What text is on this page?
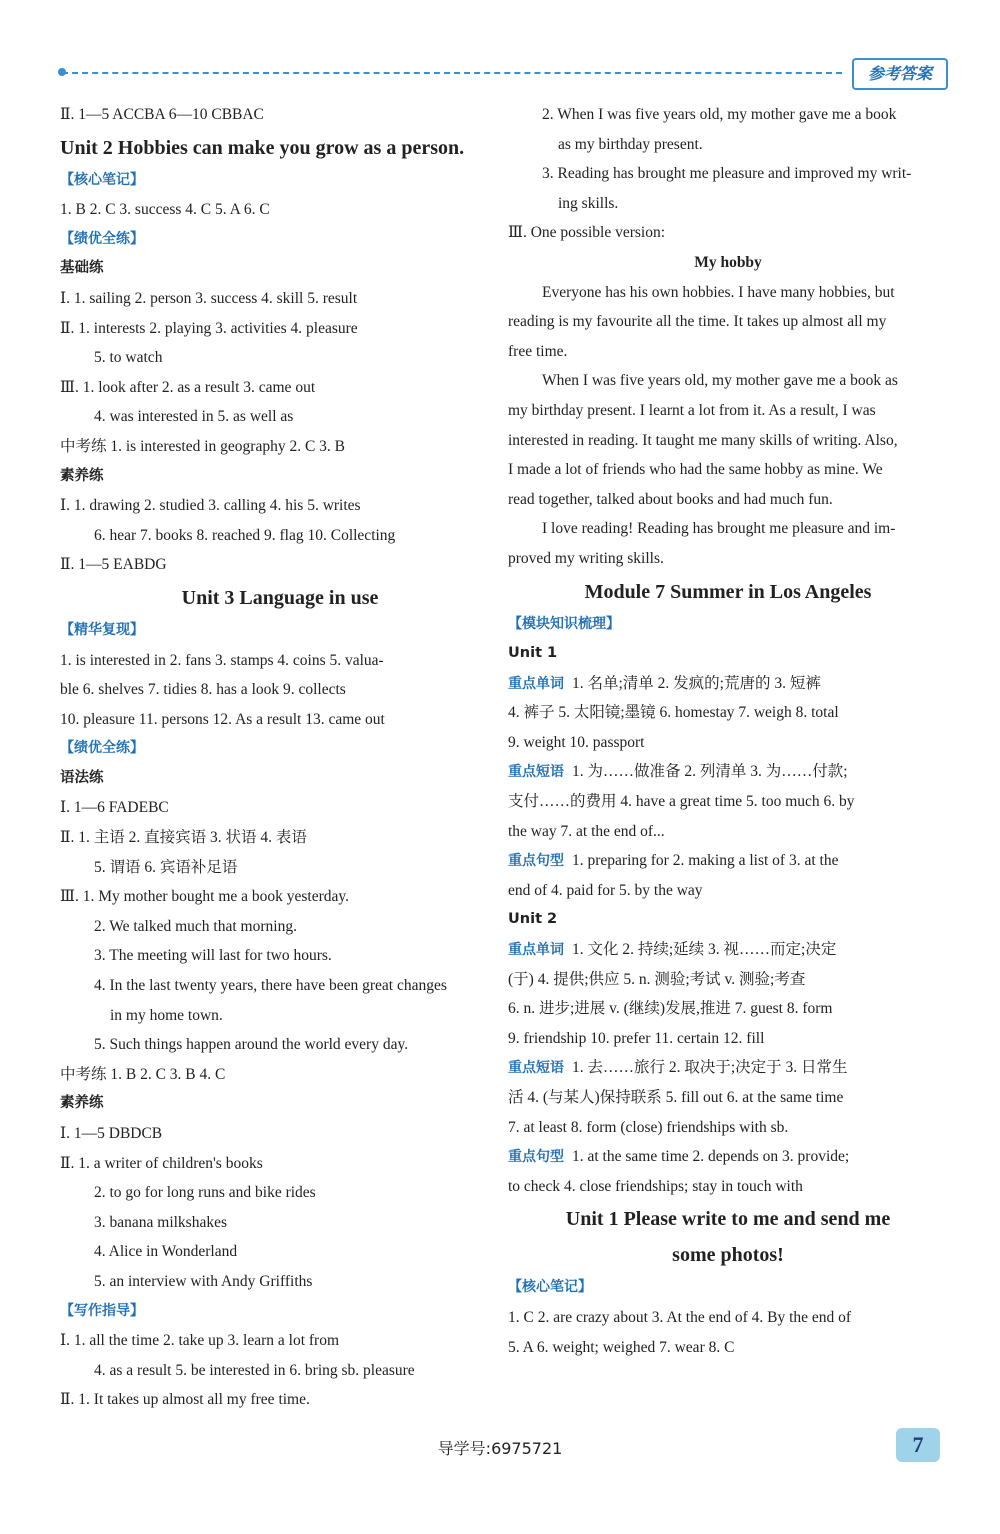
参考答案
Ⅱ. 1—5 ACCBA 6—10 CBBAC
Unit 2 Hobbies can make you grow as a person.
【核心笔记】
1. B 2. C 3. success 4. C 5. A 6. C
【绩优全练】
基础练
Ⅰ. 1. sailing 2. person 3. success 4. skill 5. result
Ⅱ. 1. interests 2. playing 3. activities 4. pleasure
5. to watch
Ⅲ. 1. look after 2. as a result 3. came out
4. was interested in 5. as well as
中考练 1. is interested in geography 2. C 3. B
素养练
Ⅰ. 1. drawing 2. studied 3. calling 4. his 5. writes
6. hear 7. books 8. reached 9. flag 10. Collecting
Ⅱ. 1—5 EABDG
Unit 3 Language in use
【精华复现】
1. is interested in 2. fans 3. stamps 4. coins 5. valua-
ble 6. shelves 7. tidies 8. has a look 9. collects
10. pleasure 11. persons 12. As a result 13. came out
【绩优全练】
语法练
Ⅰ. 1—6 FADEBC
Ⅱ. 1. 主语 2. 直接宾语 3. 状语 4. 表语
5. 谓语 6. 宾语补足语
Ⅲ. 1. My mother bought me a book yesterday.
2. We talked much that morning.
3. The meeting will last for two hours.
4. In the last twenty years, there have been great changes
in my home town.
5. Such things happen around the world every day.
中考练 1. B 2. C 3. B 4. C
素养练
Ⅰ. 1—5 DBDCB
Ⅱ. 1. a writer of children's books
2. to go for long runs and bike rides
3. banana milkshakes
4. Alice in Wonderland
5. an interview with Andy Griffiths
【写作指导】
Ⅰ. 1. all the time 2. take up 3. learn a lot from
4. as a result 5. be interested in 6. bring sb. pleasure
Ⅱ. 1. It takes up almost all my free time.
2. When I was five years old, my mother gave me a book
as my birthday present.
3. Reading has brought me pleasure and improved my writ-
ing skills.
Ⅲ. One possible version:
My hobby
Everyone has his own hobbies. I have many hobbies, but
reading is my favourite all the time. It takes up almost all my
free time.
When I was five years old, my mother gave me a book as
my birthday present. I learnt a lot from it. As a result, I was
interested in reading. It taught me many skills of writing. Also,
I made a lot of friends who had the same hobby as mine. We
read together, talked about books and had much fun.
I love reading! Reading has brought me pleasure and im-
proved my writing skills.
Module 7 Summer in Los Angeles
【模块知识梳理】
Unit 1
重点单词 1. 名单;清单 2. 发疯的;荒唐的 3. 短裤
4. 裤子 5. 太阳镜;墨镜 6. homestay 7. weigh 8. total
9. weight 10. passport
重点短语 1. 为……做准备 2. 列清单 3. 为……付款;
支付……的费用 4. have a great time 5. too much 6. by
the way 7. at the end of...
重点句型 1. preparing for 2. making a list of 3. at the
end of 4. paid for 5. by the way
Unit 2
重点单词 1. 文化 2. 持续;延续 3. 视……而定;决定
(于) 4. 提供;供应 5. n. 测验;考试 v. 测验;考查
6. n. 进步;进展 v. (继续)发展,推进 7. guest 8. form
9. friendship 10. prefer 11. certain 12. fill
重点短语 1. 去……旅行 2. 取决于;决定于 3. 日常生
活 4. (与某人)保持联系 5. fill out 6. at the same time
7. at least 8. form (close) friendships with sb.
重点句型 1. at the same time 2. depends on 3. provide;
to check 4. close friendships; stay in touch with
Unit 1 Please write to me and send me
some photos!
【核心笔记】
1. C 2. are crazy about 3. At the end of 4. By the end of
5. A 6. weight; weighed 7. wear 8. C
导学号:6975721	7
